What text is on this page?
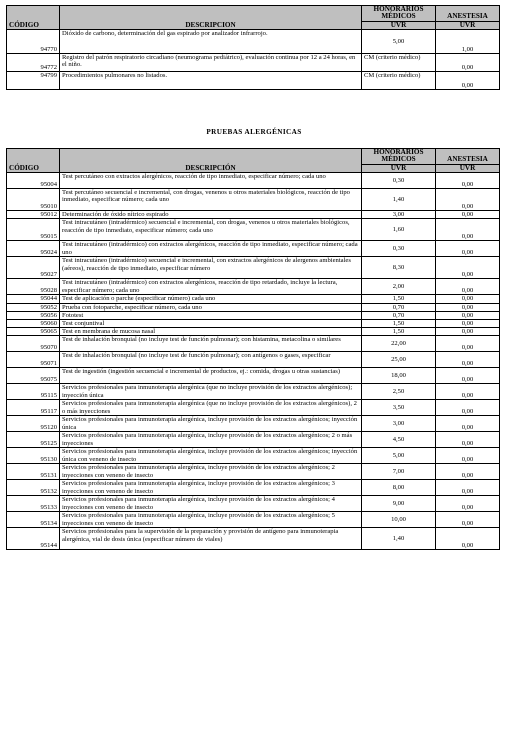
CÓDIGO	DESCRIPCION	HONORARIOS MÉDICOS	ANESTESIA
		UVR	UVR
94770	Dióxido de carbono, determinación del gas espirado por analizador infrarrojo.	5,00	1,00
94772	Registro del patrón respiratorio circadiano (neumograma pediátrico), evaluación continua por 12 a 24 horas, en el niño.	CM (criterio médico)	0,00
94799	Procedimientos pulmonares no listados.	CM (criterio médico)	0,00
PRUEBAS ALERGÉNICAS
CÓDIGO	DESCRIPCIÓN	HONORARIOS MÉDICOS	ANESTESIA
		UVR	UVR
95004	Test percutáneo con extractos alergénicos, reacción de tipo inmediato, especificar número; cada uno	0,30	0,00
95010	Test percutáneo secuencial e incremental, con drogas, venenos u otros materiales biológicos, reacción de tipo inmediato, especificar número; cada uno	1,40	0,00
95012	Determinación de óxido nítrico espirado	3,00	0,00
95015	Test intracutáneo (intradérmico) secuencial e incremental, con drogas, venenos u otros materiales biológicos, reacción de tipo inmediato, especificar número; cada uno	1,60	0,00
95024	Test intracutáneo (intradérmico) con extractos alergénicos, reacción de tipo inmediato, especificar número; cada uno	0,30	0,00
95027	Test intracutáneo (intradérmico) secuencial e incremental, con extractos alergénicos de alergenos ambientales (aéreos), reacción de tipo inmediato, especificar número	8,30	0,00
95028	Test intracutáneo (intradérmico) con extractos alergénicos, reacción de tipo retardado, incluye la lectura, especificar número; cada uno	2,00	0,00
95044	Test de aplicación o parche (especificar número) cada uno	1,50	0,00
95052	Prueba con fotoparche, especificar número, cada uno	0,70	0,00
95056	Fototest	0,70	0,00
95060	Test conjuntival	1,50	0,00
95065	Test en membrana de mucosa nasal	1,50	0,00
95070	Test de inhalación bronquial (no incluye test de función pulmonar); con histamina, metacolina o similares	22,00	0,00
95071	Test de inhalación bronquial (no incluye test de función pulmonar); con antígenos o gases, especificar	25,00	0,00
95075	Test de ingestión (ingestión secuencial e incremental de productos, ej.: comida, drogas u otras sustancias)	18,00	0,00
95115	Servicios profesionales para inmunoterapia alergénica (que no incluye provisión de los extractos alergénicos); inyección única	2,50	0,00
95117	Servicios profesionales para inmunoterapia alergénica (que no incluye provisión de los extractos alergénicos), 2 o más inyecciones	3,50	0,00
95120	Servicios profesionales para inmunoterapia alergénica, incluye provisión de los extractos alergénicos; inyección única	3,00	0,00
95125	Servicios profesionales para inmunoterapia alergénica, incluye provisión de los extractos alergénicos; 2 o más inyecciones	4,50	0,00
95130	Servicios profesionales para inmunoterapia alergénica, incluye provisión de los extractos alergénicos; inyección única con veneno de insecto	5,00	0,00
95131	Servicios profesionales para inmunoterapia alergénica, incluye provisión de los extractos alergénicos; 2 inyecciones con veneno de insecto	7,00	0,00
95132	Servicios profesionales para inmunoterapia alergénica, incluye provisión de los extractos alergénicos; 3 inyecciones con veneno de insecto	8,00	0,00
95133	Servicios profesionales para inmunoterapia alergénica, incluye provisión de los extractos alergénicos; 4 inyecciones con veneno de insecto	9,00	0,00
95134	Servicios profesionales para inmunoterapia alergénica, incluye provisión de los extractos alergénicos; 5 inyecciones con veneno de insecto	10,00	0,00
95144	Servicios profesionales para la supervisión de la preparación y provisión de antígeno para inmunoterapia alergénica, vial de dosis única (especificar número de viales)	1,40	0,00
